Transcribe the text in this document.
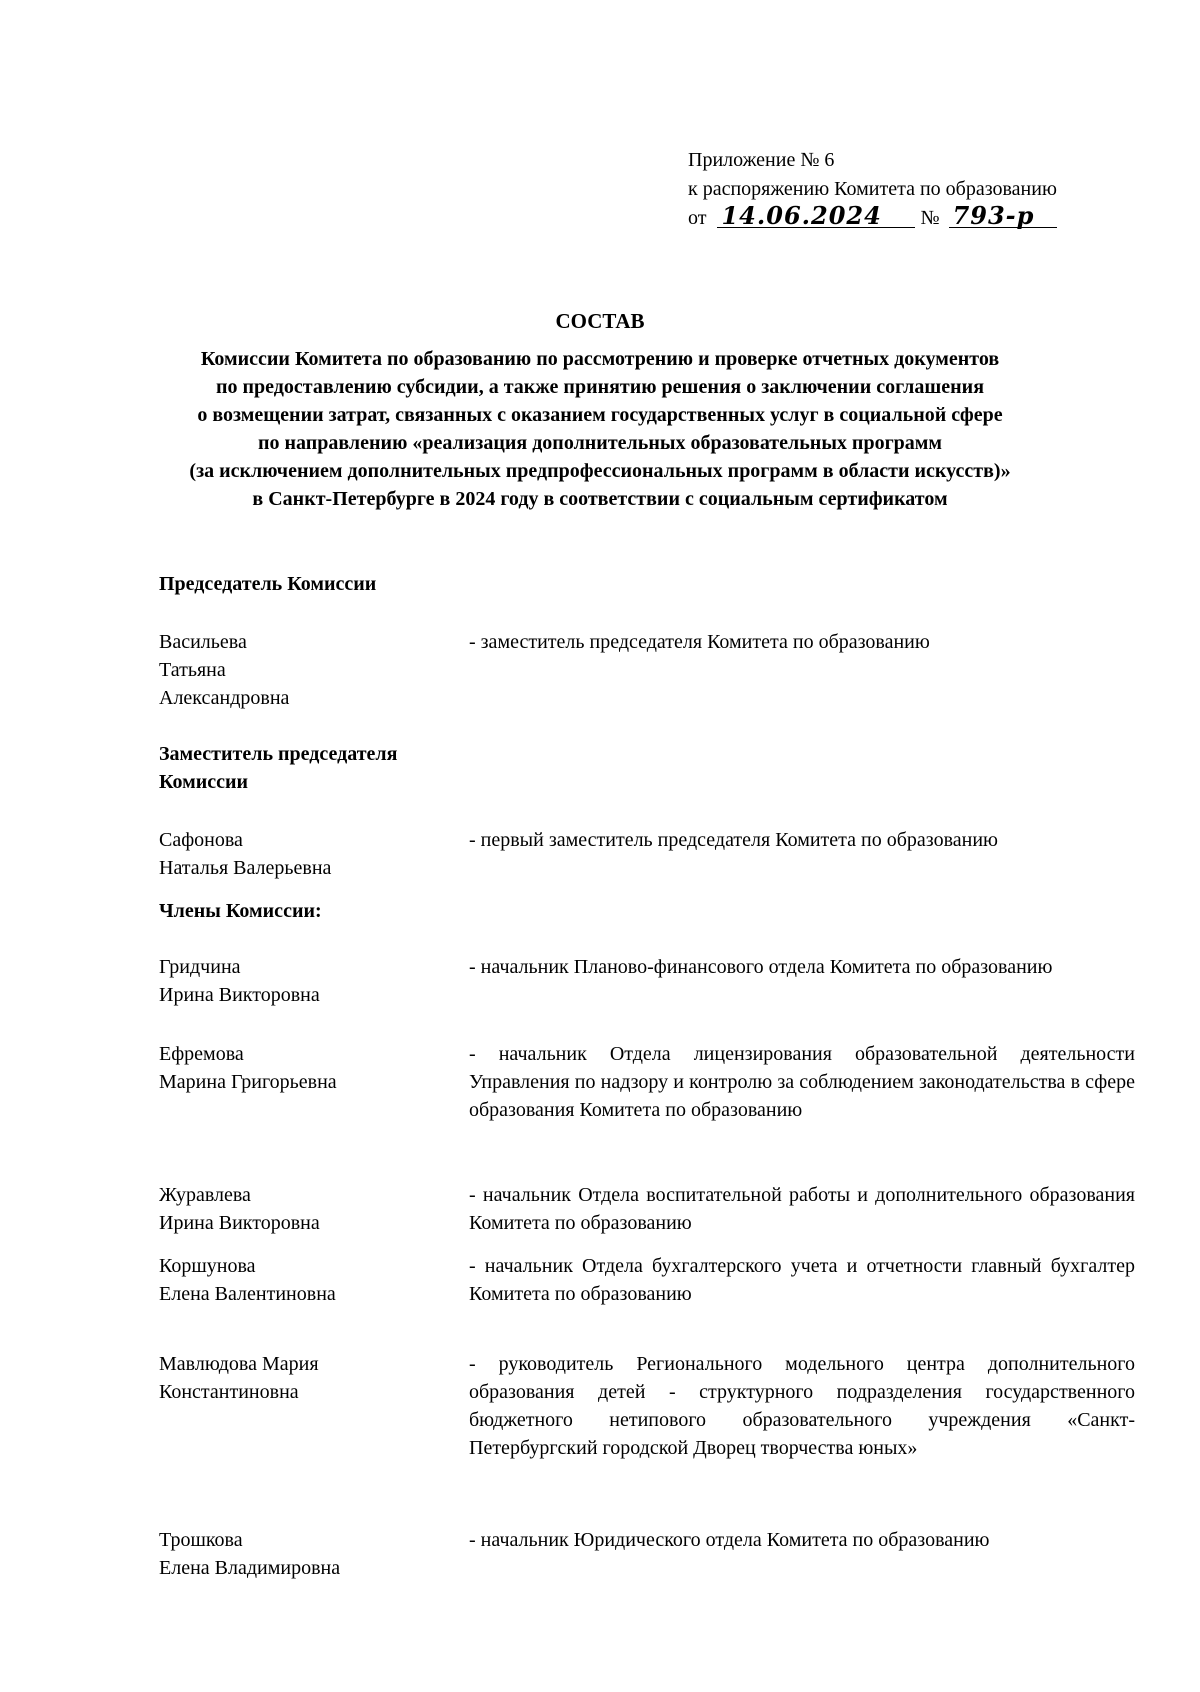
Приложение № 6
к распоряжению Комитета по образованию
от 14.06.2024 № 793-р
СОСТАВ
Комиссии Комитета по образованию по рассмотрению и проверке отчетных документов
по предоставлению субсидии, а также принятию решения о заключении соглашения
о возмещении затрат, связанных с оказанием государственных услуг в социальной сфере
по направлению «реализация дополнительных образовательных программ
(за исключением дополнительных предпрофессиональных программ в области искусств)»
в Санкт-Петербурге в 2024 году в соответствии с социальным сертификатом
Председатель Комиссии
Васильева
Татьяна
Александровна
- заместитель председателя Комитета по образованию
Заместитель председателя
Комиссии
Сафонова
Наталья Валерьевна
- первый заместитель председателя Комитета по образованию
Члены Комиссии:
Гридчина
Ирина Викторовна
- начальник Планово-финансового отдела Комитета по образованию
Ефремова
Марина Григорьевна
- начальник Отдела лицензирования образовательной деятельности Управления по надзору и контролю за соблюдением законодательства в сфере образования Комитета по образованию
Журавлева
Ирина Викторовна
- начальник Отдела воспитательной работы и дополнительного образования Комитета по образованию
Коршунова
Елена Валентиновна
- начальник Отдела бухгалтерского учета и отчетности главный бухгалтер Комитета по образованию
Мавлюдова Мария
Константиновна
- руководитель Регионального модельного центра дополнительного образования детей - структурного подразделения государственного бюджетного нетипового образовательного учреждения «Санкт-Петербургский городской Дворец творчества юных»
Трошкова
Елена Владимировна
- начальник Юридического отдела Комитета по образованию
